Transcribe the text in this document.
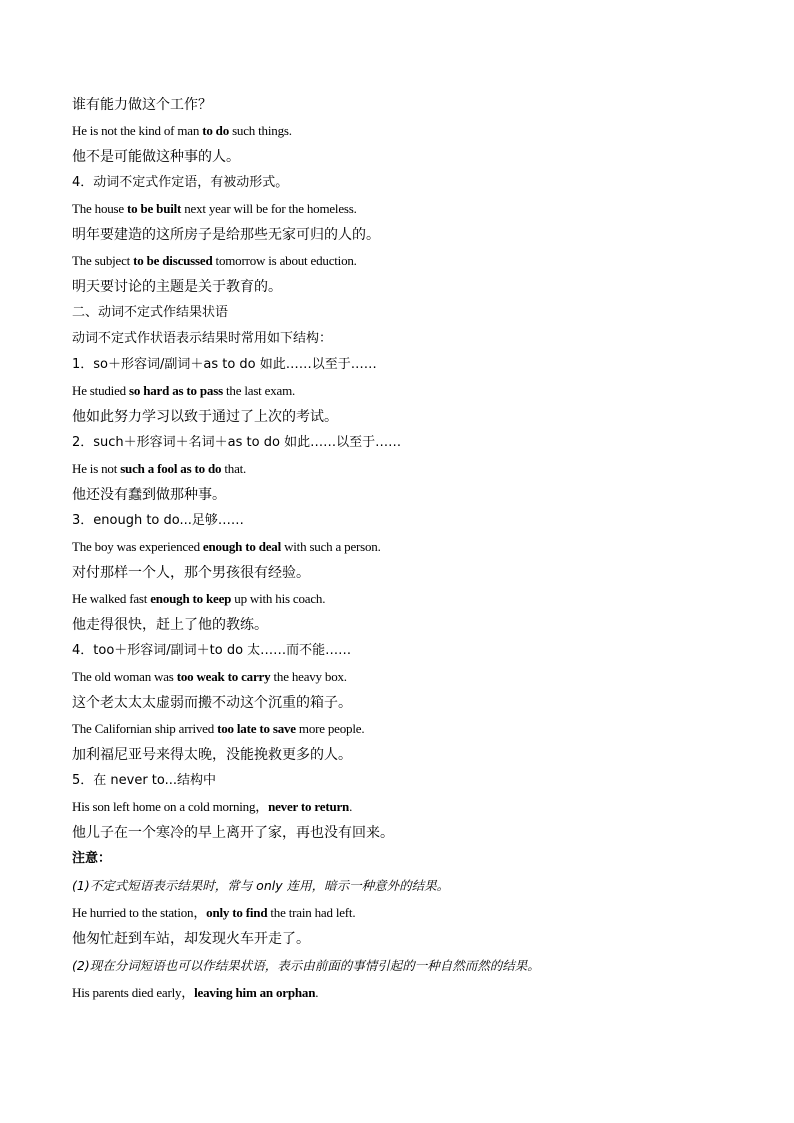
谁有能力做这个工作？

He is not the kind of man to do such things.

他不是可能做这种事的人。

4．动词不定式作定语，有被动形式。

The house to be built next year will be for the homeless.

明年要建造的这所房子是给那些无家可归的人的。

The subject to be discussed tomorrow is about eduction.

明天要讨论的主题是关于教育的。

二、动词不定式作结果状语

动词不定式作状语表示结果时常用如下结构：

1．so＋形容词/副词＋as to do 如此……以至于……

He studied so hard as to pass the last exam.

他如此努力学习以致于通过了上次的考试。

2．such＋形容词＋名词＋as to do 如此……以至于……

He is not such a fool as to do that.

他还没有蠢到做那种事。

3．enough to do...足够……

The boy was experienced enough to deal with such a person.

对付那样一个人，那个男孩很有经验。

He walked fast enough to keep up with his coach.

他走得很快，赶上了他的教练。

4．too＋形容词/副词＋to do 太……而不能……

The old woman was too weak to carry the heavy box.

这个老太太太虚弱而搬不动这个沉重的箱子。

The Californian ship arrived too late to save more people.

加利福尼亚号来得太晚，没能挽救更多的人。

5．在 never to...结构中

His son left home on a cold morning，never to return.

他儿子在一个寒冷的早上离开了家，再也没有回来。

注意：

(1)不定式短语表示结果时，常与 only 连用，暗示一种意外的结果。

He hurried to the station，only to find the train had left.

他匆忙赶到车站，却发现火车开走了。

(2)现在分词短语也可以作结果状语，表示由前面的事情引起的一种自然而然的结果。

His parents died early，leaving him an orphan.
